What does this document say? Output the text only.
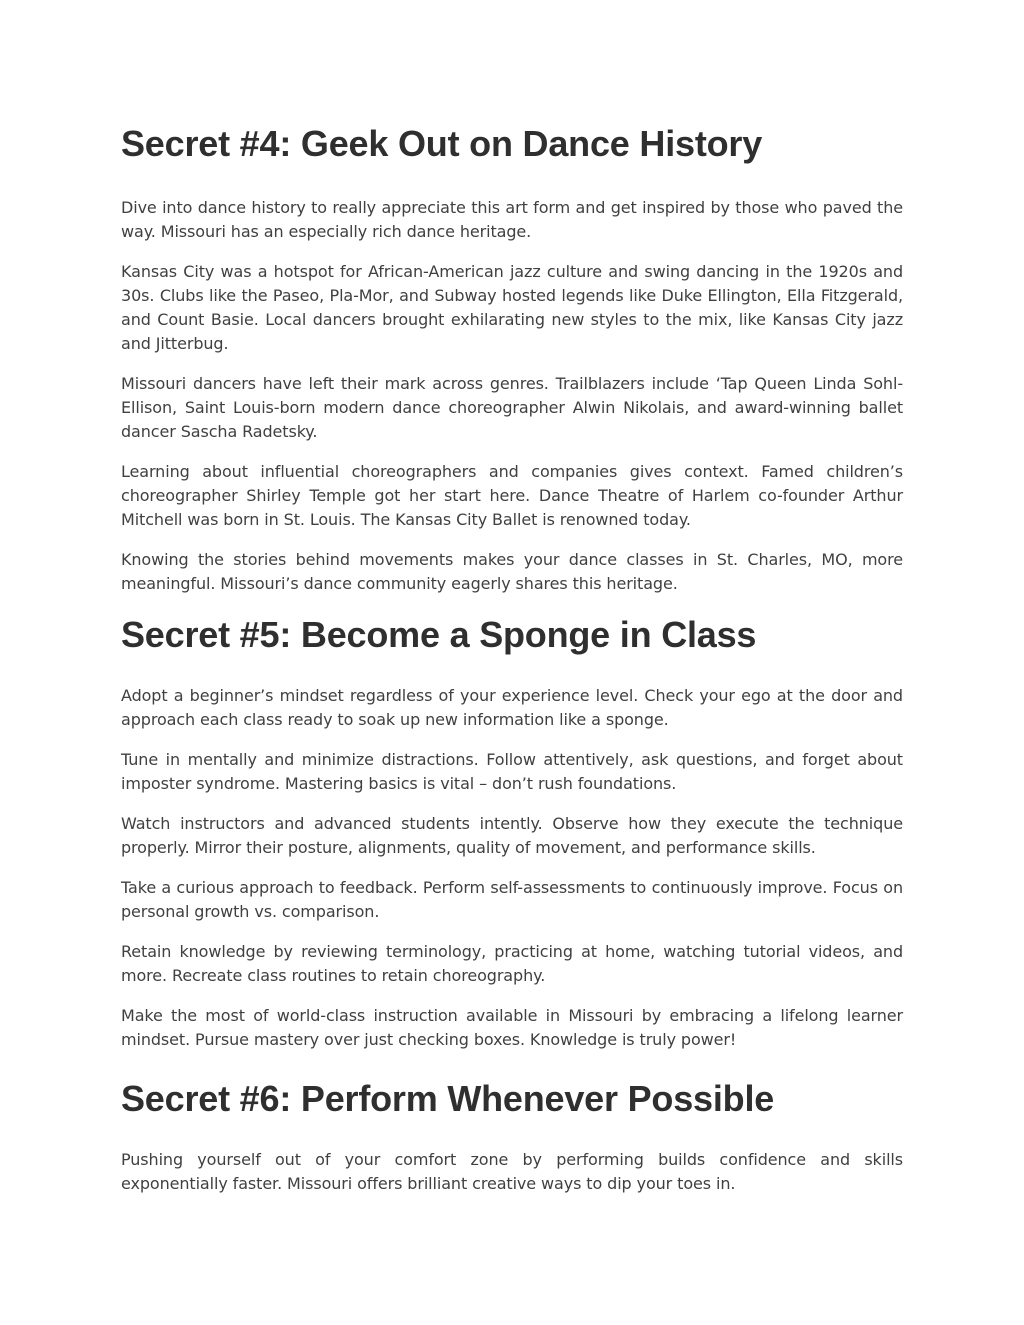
Secret #4: Geek Out on Dance History

Dive into dance history to really appreciate this art form and get inspired by those who paved the way. Missouri has an especially rich dance heritage.

Kansas City was a hotspot for African-American jazz culture and swing dancing in the 1920s and 30s. Clubs like the Paseo, Pla-Mor, and Subway hosted legends like Duke Ellington, Ella Fitzgerald, and Count Basie. Local dancers brought exhilarating new styles to the mix, like Kansas City jazz and Jitterbug.

Missouri dancers have left their mark across genres. Trailblazers include ‘Tap Queen Linda Sohl-Ellison, Saint Louis-born modern dance choreographer Alwin Nikolais, and award-winning ballet dancer Sascha Radetsky.

Learning about influential choreographers and companies gives context. Famed children’s choreographer Shirley Temple got her start here. Dance Theatre of Harlem co-founder Arthur Mitchell was born in St. Louis. The Kansas City Ballet is renowned today.

Knowing the stories behind movements makes your dance classes in St. Charles, MO, more meaningful. Missouri’s dance community eagerly shares this heritage.

Secret #5: Become a Sponge in Class

Adopt a beginner’s mindset regardless of your experience level. Check your ego at the door and approach each class ready to soak up new information like a sponge.

Tune in mentally and minimize distractions. Follow attentively, ask questions, and forget about imposter syndrome. Mastering basics is vital – don’t rush foundations.

Watch instructors and advanced students intently. Observe how they execute the technique properly. Mirror their posture, alignments, quality of movement, and performance skills.

Take a curious approach to feedback. Perform self-assessments to continuously improve. Focus on personal growth vs. comparison.

Retain knowledge by reviewing terminology, practicing at home, watching tutorial videos, and more. Recreate class routines to retain choreography.

Make the most of world-class instruction available in Missouri by embracing a lifelong learner mindset. Pursue mastery over just checking boxes. Knowledge is truly power!

Secret #6: Perform Whenever Possible

Pushing yourself out of your comfort zone by performing builds confidence and skills exponentially faster. Missouri offers brilliant creative ways to dip your toes in.
